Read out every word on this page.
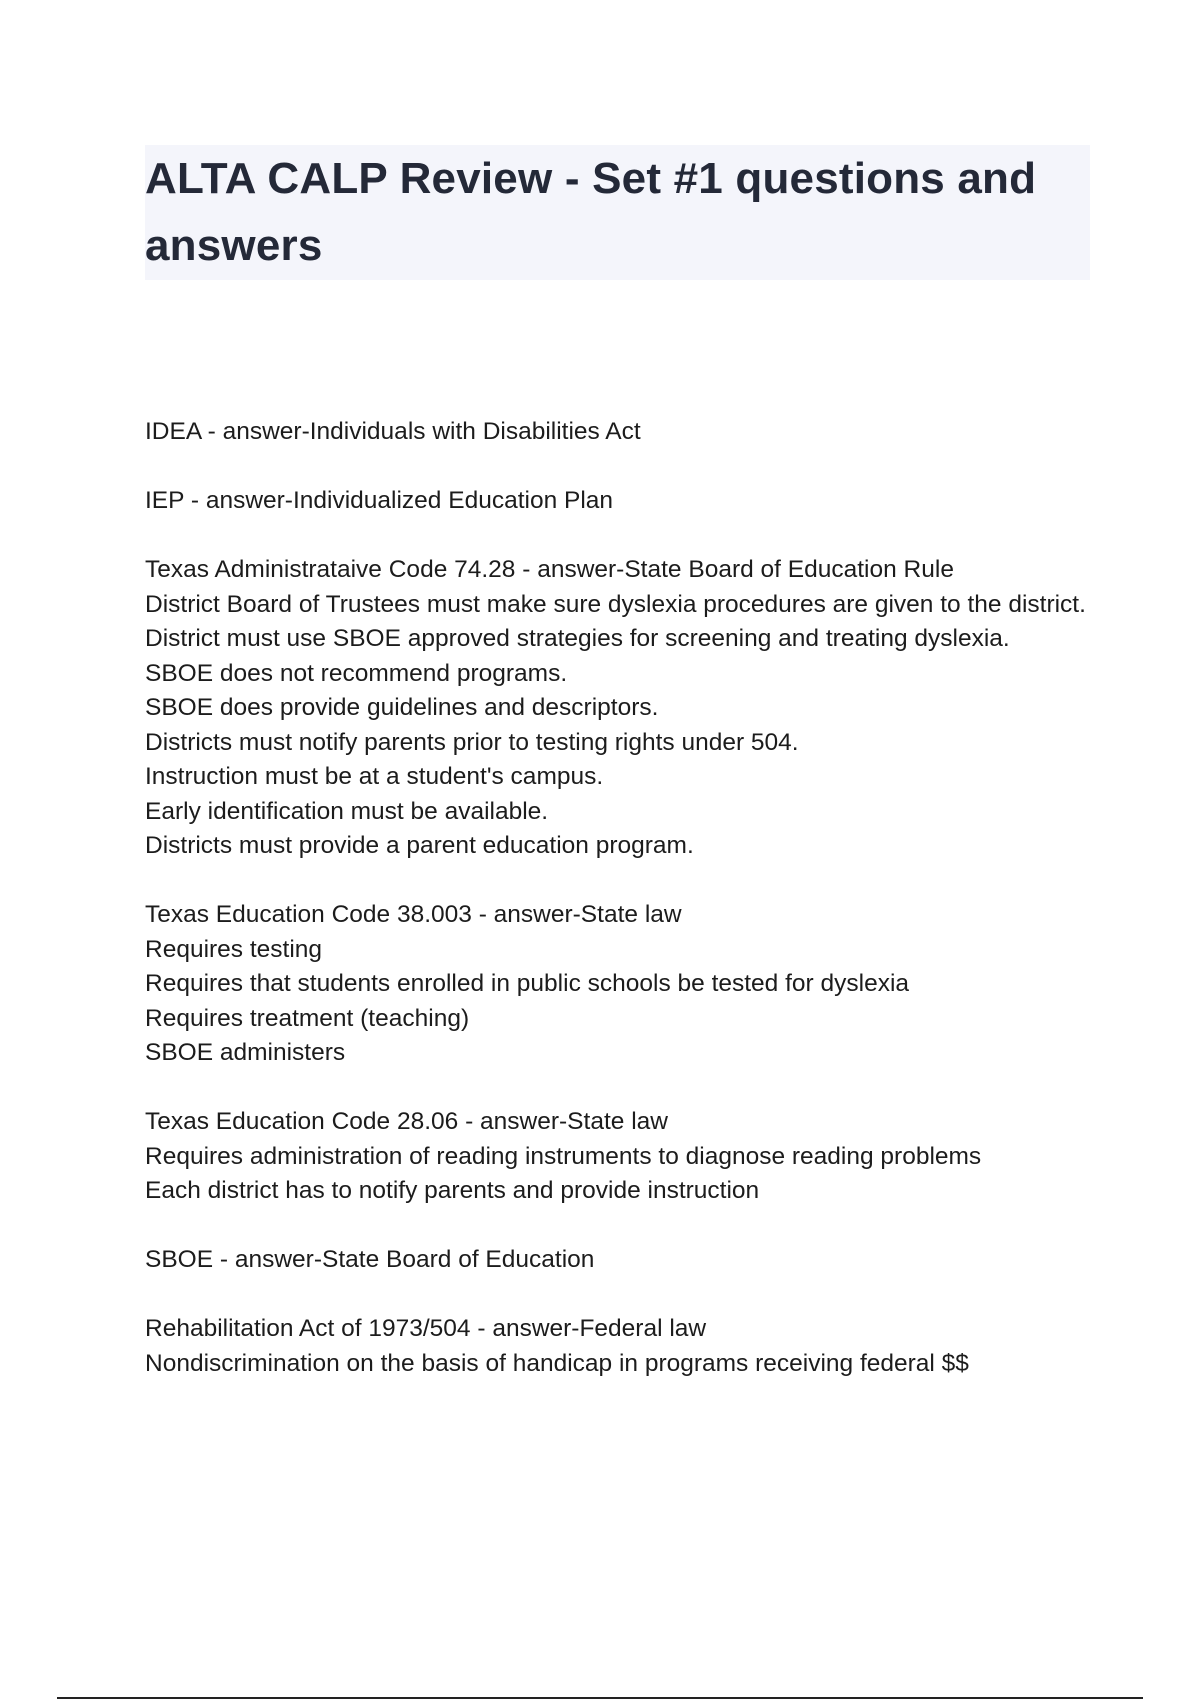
ALTA CALP Review - Set #1 questions and answers
IDEA - answer-Individuals with Disabilities Act
IEP - answer-Individualized Education Plan
Texas Administrataive Code 74.28 - answer-State Board of Education Rule
District Board of Trustees must make sure dyslexia procedures are given to the district.
District must use SBOE approved strategies for screening and treating dyslexia.
SBOE does not recommend programs.
SBOE does provide guidelines and descriptors.
Districts must notify parents prior to testing rights under 504.
Instruction must be at a student's campus.
Early identification must be available.
Districts must provide a parent education program.
Texas Education Code 38.003 - answer-State law
Requires testing
Requires that students enrolled in public schools be tested for dyslexia
Requires treatment (teaching)
SBOE administers
Texas Education Code 28.06 - answer-State law
Requires administration of reading instruments to diagnose reading problems
Each district has to notify parents and provide instruction
SBOE - answer-State Board of Education
Rehabilitation Act of 1973/504 - answer-Federal law
Nondiscrimination on the basis of handicap in programs receiving federal $$
